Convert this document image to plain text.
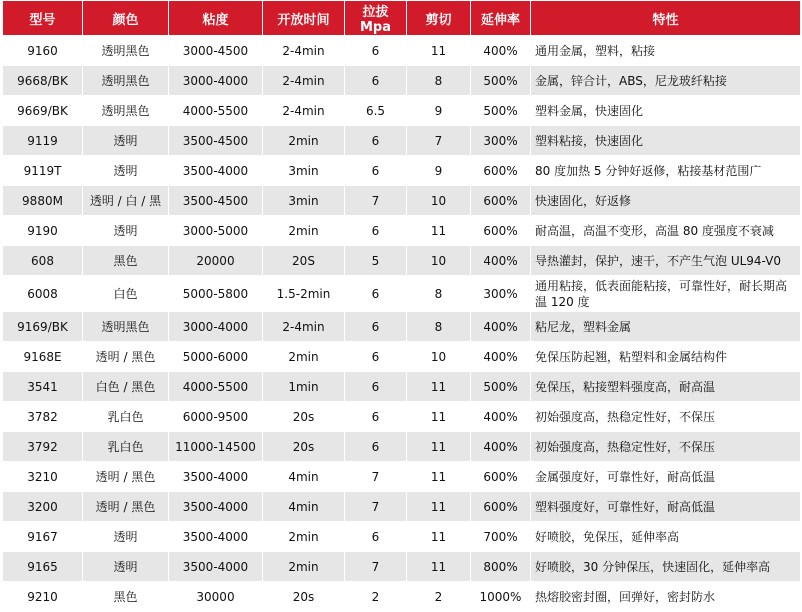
型号	颜色	粘度	开放时间	拉拔 Mpa	剪切	延伸率	特性
9160	透明黑色	3000-4500	2-4min	6	11	400%	通用金属，塑料，粘接
9668/BK	透明黑色	3000-4000	2-4min	6	8	500%	金属，锌合计，ABS，尼龙玻纤粘接
9669/BK	透明黑色	4000-5500	2-4min	6.5	9	500%	塑料金属，快速固化
9119	透明	3500-4500	2min	6	7	300%	塑料粘接，快速固化
9119T	透明	3500-4000	3min	6	9	600%	80 度加热 5 分钟好返修，粘接基材范围广
9880M	透明 / 白 / 黑	3500-4500	3min	7	10	600%	快速固化，好返修
9190	透明	3000-5000	2min	6	11	600%	耐高温，高温不变形，高温 80 度强度不衰减
608	黑色	20000	20S	5	10	400%	导热灌封，保护，速干，不产生气泡 UL94-V0
6008	白色	5000-5800	1.5-2min	6	8	300%	通用粘接，低表面能粘接，可靠性好，耐长期高温 120 度
9169/BK	透明黑色	3000-4000	2-4min	6	8	400%	粘尼龙，塑料金属
9168E	透明 / 黑色	5000-6000	2min	6	10	400%	免保压防起翘，粘塑料和金属结构件
3541	白色 / 黑色	4000-5500	1min	6	11	500%	免保压，粘接塑料强度高，耐高温
3782	乳白色	6000-9500	20s	6	11	400%	初始强度高，热稳定性好，不保压
3792	乳白色	11000-14500	20s	6	11	400%	初始强度高，热稳定性好，不保压
3210	透明 / 黑色	3500-4000	4min	7	11	600%	金属强度好，可靠性好，耐高低温
3200	透明 / 黑色	3500-4000	4min	7	11	600%	塑料强度好，可靠性好，耐高低温
9167	透明	3500-4000	2min	6	11	700%	好喷胶，免保压，延伸率高
9165	透明	3500-4000	2min	7	11	800%	好喷胶，30 分钟保压，快速固化，延伸率高
9210	黑色	30000	20s	2	2	1000%	热熔胶密封圈，回弹好，密封防水
